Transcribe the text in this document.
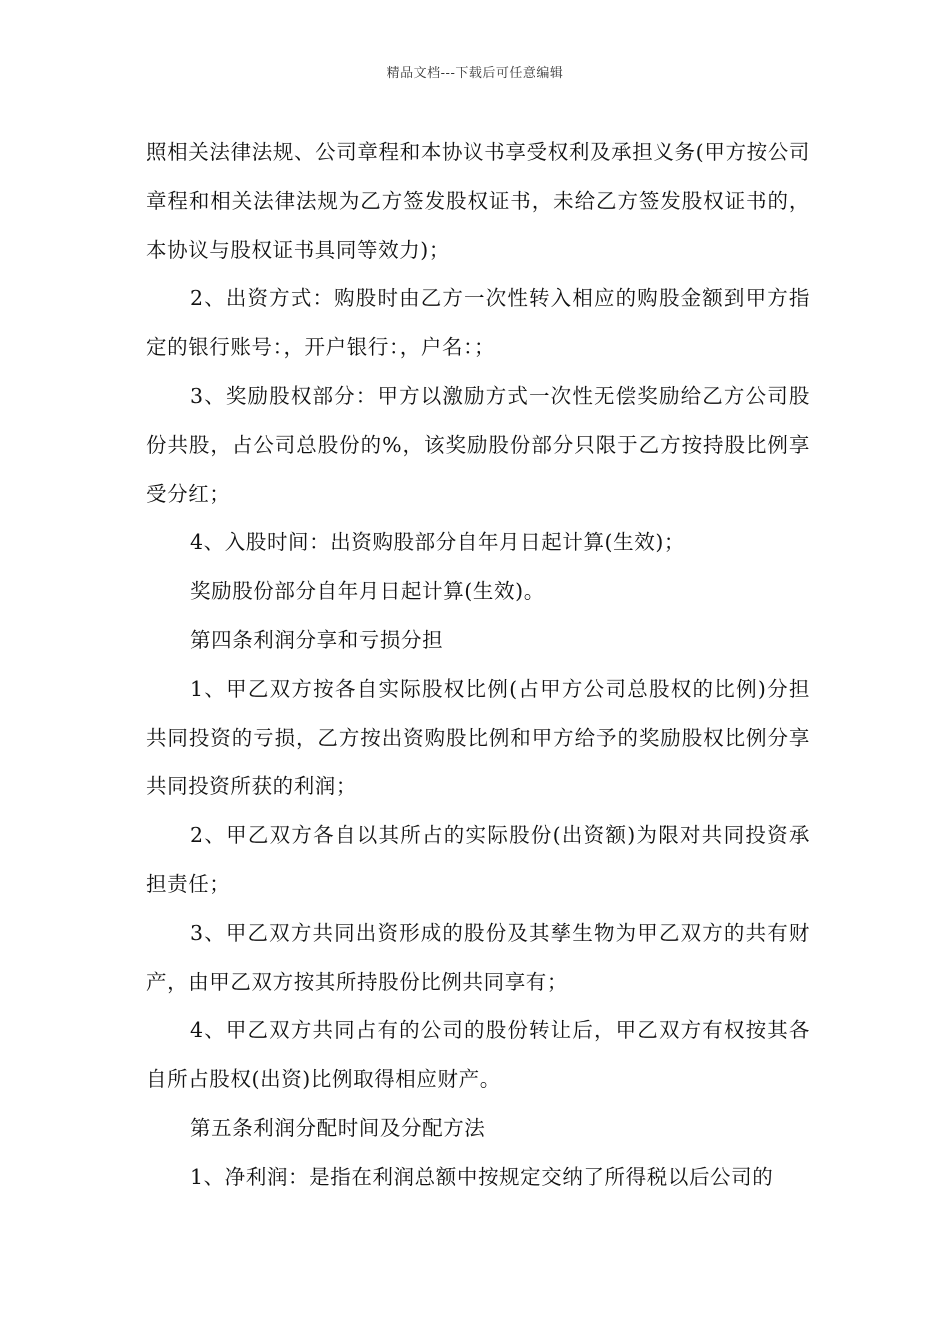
精品文档---下载后可任意编辑

照相关法律法规、公司章程和本协议书享受权利及承担义务(甲方按公司章程和相关法律法规为乙方签发股权证书，未给乙方签发股权证书的，本协议与股权证书具同等效力)；

2、出资方式：购股时由乙方一次性转入相应的购股金额到甲方指定的银行账号：，开户银行：，户名：；

3、奖励股权部分：甲方以激励方式一次性无偿奖励给乙方公司股份共股，占公司总股份的%，该奖励股份部分只限于乙方按持股比例享受分红；

4、入股时间：出资购股部分自年月日起计算(生效)；

奖励股份部分自年月日起计算(生效)。

第四条利润分享和亏损分担

1、甲乙双方按各自实际股权比例(占甲方公司总股权的比例)分担共同投资的亏损，乙方按出资购股比例和甲方给予的奖励股权比例分享共同投资所获的利润；

2、甲乙双方各自以其所占的实际股份(出资额)为限对共同投资承担责任；

3、甲乙双方共同出资形成的股份及其孳生物为甲乙双方的共有财产，由甲乙双方按其所持股份比例共同享有；

4、甲乙双方共同占有的公司的股份转让后，甲乙双方有权按其各自所占股权(出资)比例取得相应财产。

第五条利润分配时间及分配方法

1、净利润：是指在利润总额中按规定交纳了所得税以后公司的
